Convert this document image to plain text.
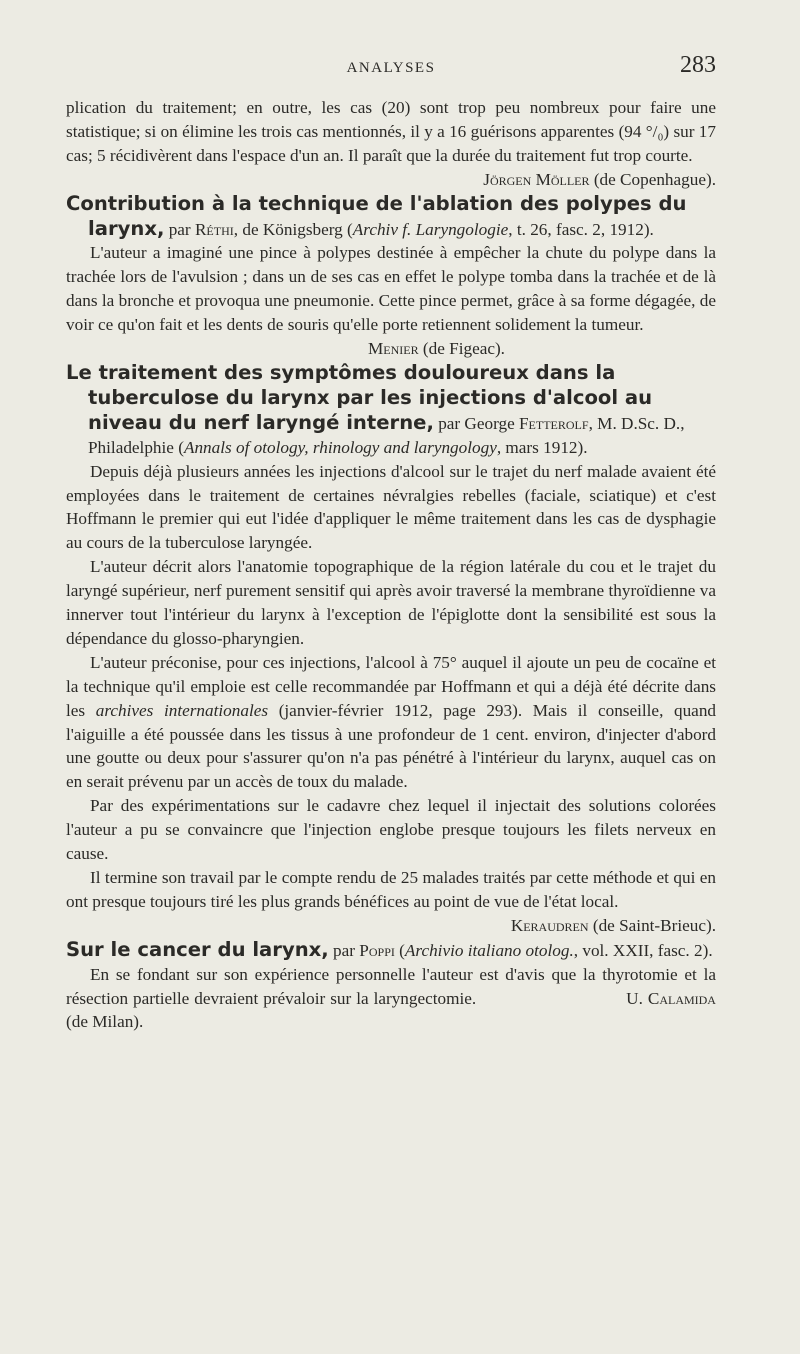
ANALYSES	283

plication du traitement; en outre, les cas (20) sont trop peu nombreux pour faire une statistique; si on élimine les trois cas mentionnés, il y a 16 guérisons apparentes (94 °/₀) sur 17 cas; 5 récidivèrent dans l'espace d'un an. Il paraît que la durée du traitement fut trop courte.

Jörgen Möller (de Copenhague).

Contribution à la technique de l'ablation des polypes du larynx, par Réthi, de Königsberg (Archiv f. Laryngologie, t. 26, fasc. 2, 1912).

L'auteur a imaginé une pince à polypes destinée à empêcher la chute du polype dans la trachée lors de l'avulsion ; dans un de ses cas en effet le polype tomba dans la trachée et de là dans la bronche et provoqua une pneumonie. Cette pince permet, grâce à sa forme dégagée, de voir ce qu'on fait et les dents de souris qu'elle porte retiennent solidement la tumeur.

Menier (de Figeac).

Le traitement des symptômes douloureux dans la tuberculose du larynx par les injections d'alcool au niveau du nerf laryngé interne, par George Fetterolf, M. D.Sc. D., Philadelphie (Annals of otology, rhinology and laryngology, mars 1912).

Depuis déjà plusieurs années les injections d'alcool sur le trajet du nerf malade avaient été employées dans le traitement de certaines névralgies rebelles (faciale, sciatique) et c'est Hoffmann le premier qui eut l'idée d'appliquer le même traitement dans les cas de dysphagie au cours de la tuberculose laryngée.

L'auteur décrit alors l'anatomie topographique de la région latérale du cou et le trajet du laryngé supérieur, nerf purement sensitif qui après avoir traversé la membrane thyroïdienne va innerver tout l'intérieur du larynx à l'exception de l'épiglotte dont la sensibilité est sous la dépendance du glosso-pharyngien.

L'auteur préconise, pour ces injections, l'alcool à 75° auquel il ajoute un peu de cocaïne et la technique qu'il emploie est celle recommandée par Hoffmann et qui a déjà été décrite dans les archives internationales (janvier-février 1912, page 293). Mais il conseille, quand l'aiguille a été poussée dans les tissus à une profondeur de 1 cent. environ, d'injecter d'abord une goutte ou deux pour s'assurer qu'on n'a pas pénétré à l'intérieur du larynx, auquel cas on en serait prévenu par un accès de toux du malade.

Par des expérimentations sur le cadavre chez lequel il injectait des solutions colorées l'auteur a pu se convaincre que l'injection englobe presque toujours les filets nerveux en cause.

Il termine son travail par le compte rendu de 25 malades traités par cette méthode et qui en ont presque toujours tiré les plus grands bénéfices au point de vue de l'état local.

Keraudren (de Saint-Brieuc).

Sur le cancer du larynx, par Poppi (Archivio italiano otolog., vol. XXII, fasc. 2).

En se fondant sur son expérience personnelle l'auteur est d'avis que la thyrotomie et la résection partielle devraient prévaloir sur la laryngectomie.	U. Calamida (de Milan).
